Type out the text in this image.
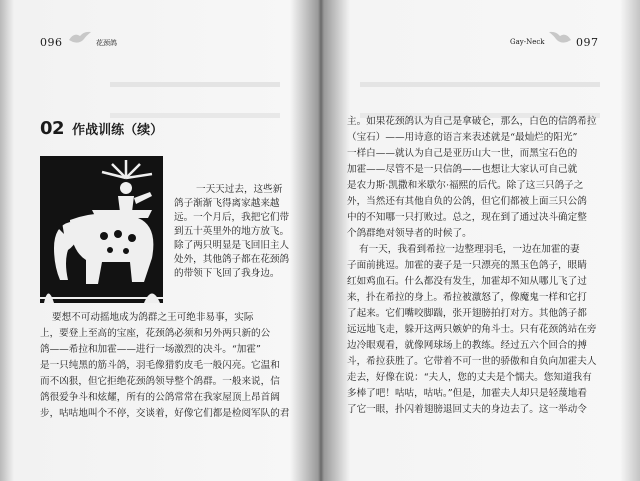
096	花颈鸽
02 作战训练（续）
一天天过去，这些新
鸽子渐渐飞得离家越来越
远。一个月后，我把它们带
到五十英里外的地方放飞。
除了两只明显是飞回旧主人
处外，其他鸽子都在花颈鸽
的带领下飞回了我身边。
要想不可动摇地成为鸽群之王可绝非易事，实际
上，要登上至高的宝座，花颈鸽必须和另外两只新的公
鸽——希拉和加霍——进行一场激烈的决斗。“加霍”
是一只纯黑的筋斗鸽，羽毛像猎豹皮毛一般闪亮。它温和
而不凶狠，但它拒绝花颈鸽领导整个鸽群。一般来说，信
鸽很爱争斗和炫耀，所有的公鸽常常在我家屋顶上昂首阔
步，咕咕地叫个不停，交谈着，好像它们都是检阅军队的君
Gay-Neck	097
主。如果花颈鸽认为自己是拿破仑，那么，白色的信鸽希拉
（宝石）——用诗意的语言来表述就是“最灿烂的阳光”
一样白——就认为自己是亚历山大一世，而黑宝石色的
加霍——尽管不是一只信鸽——也想让大家认可自己就
是农力斯·凯撒和米歇尔·福熙的后代。除了这三只鸽子之
外，当然还有其他自负的公鸽，但它们都被上面三只公鸽
中的不知哪一只打败过。总之，现在到了通过决斗确定整
个鸽群绝对领导者的时候了。
有一天，我看到希拉一边整理羽毛，一边在加霍的妻
子面前挑逗。加霍的妻子是一只漂亮的黑玉色鸽子，眼睛
红如鸡血石。什么都没有发生，加霍却不知从哪儿飞了过
来，扑在希拉的身上。希拉被激怒了，像魔鬼一样和它打
了起来。它们嘴咬脚踹，张开翅膀拍打对方。其他鸽子都
远远地飞走，躲开这两只嫉妒的角斗士。只有花颈鸽站在旁
边冷眼观看，就像网球场上的教练。经过五六个回合的搏
斗，希拉获胜了。它带着不可一世的骄傲和自负向加霍夫人
走去，好像在说：“夫人，您的丈夫是个懦夫。您知道我有
多棒了吧！咕咕，咕咕。”但是，加霍夫人却只是轻蔑地看
了它一眼，扑闪着翅膀退回丈夫的身边去了。这一举动令
